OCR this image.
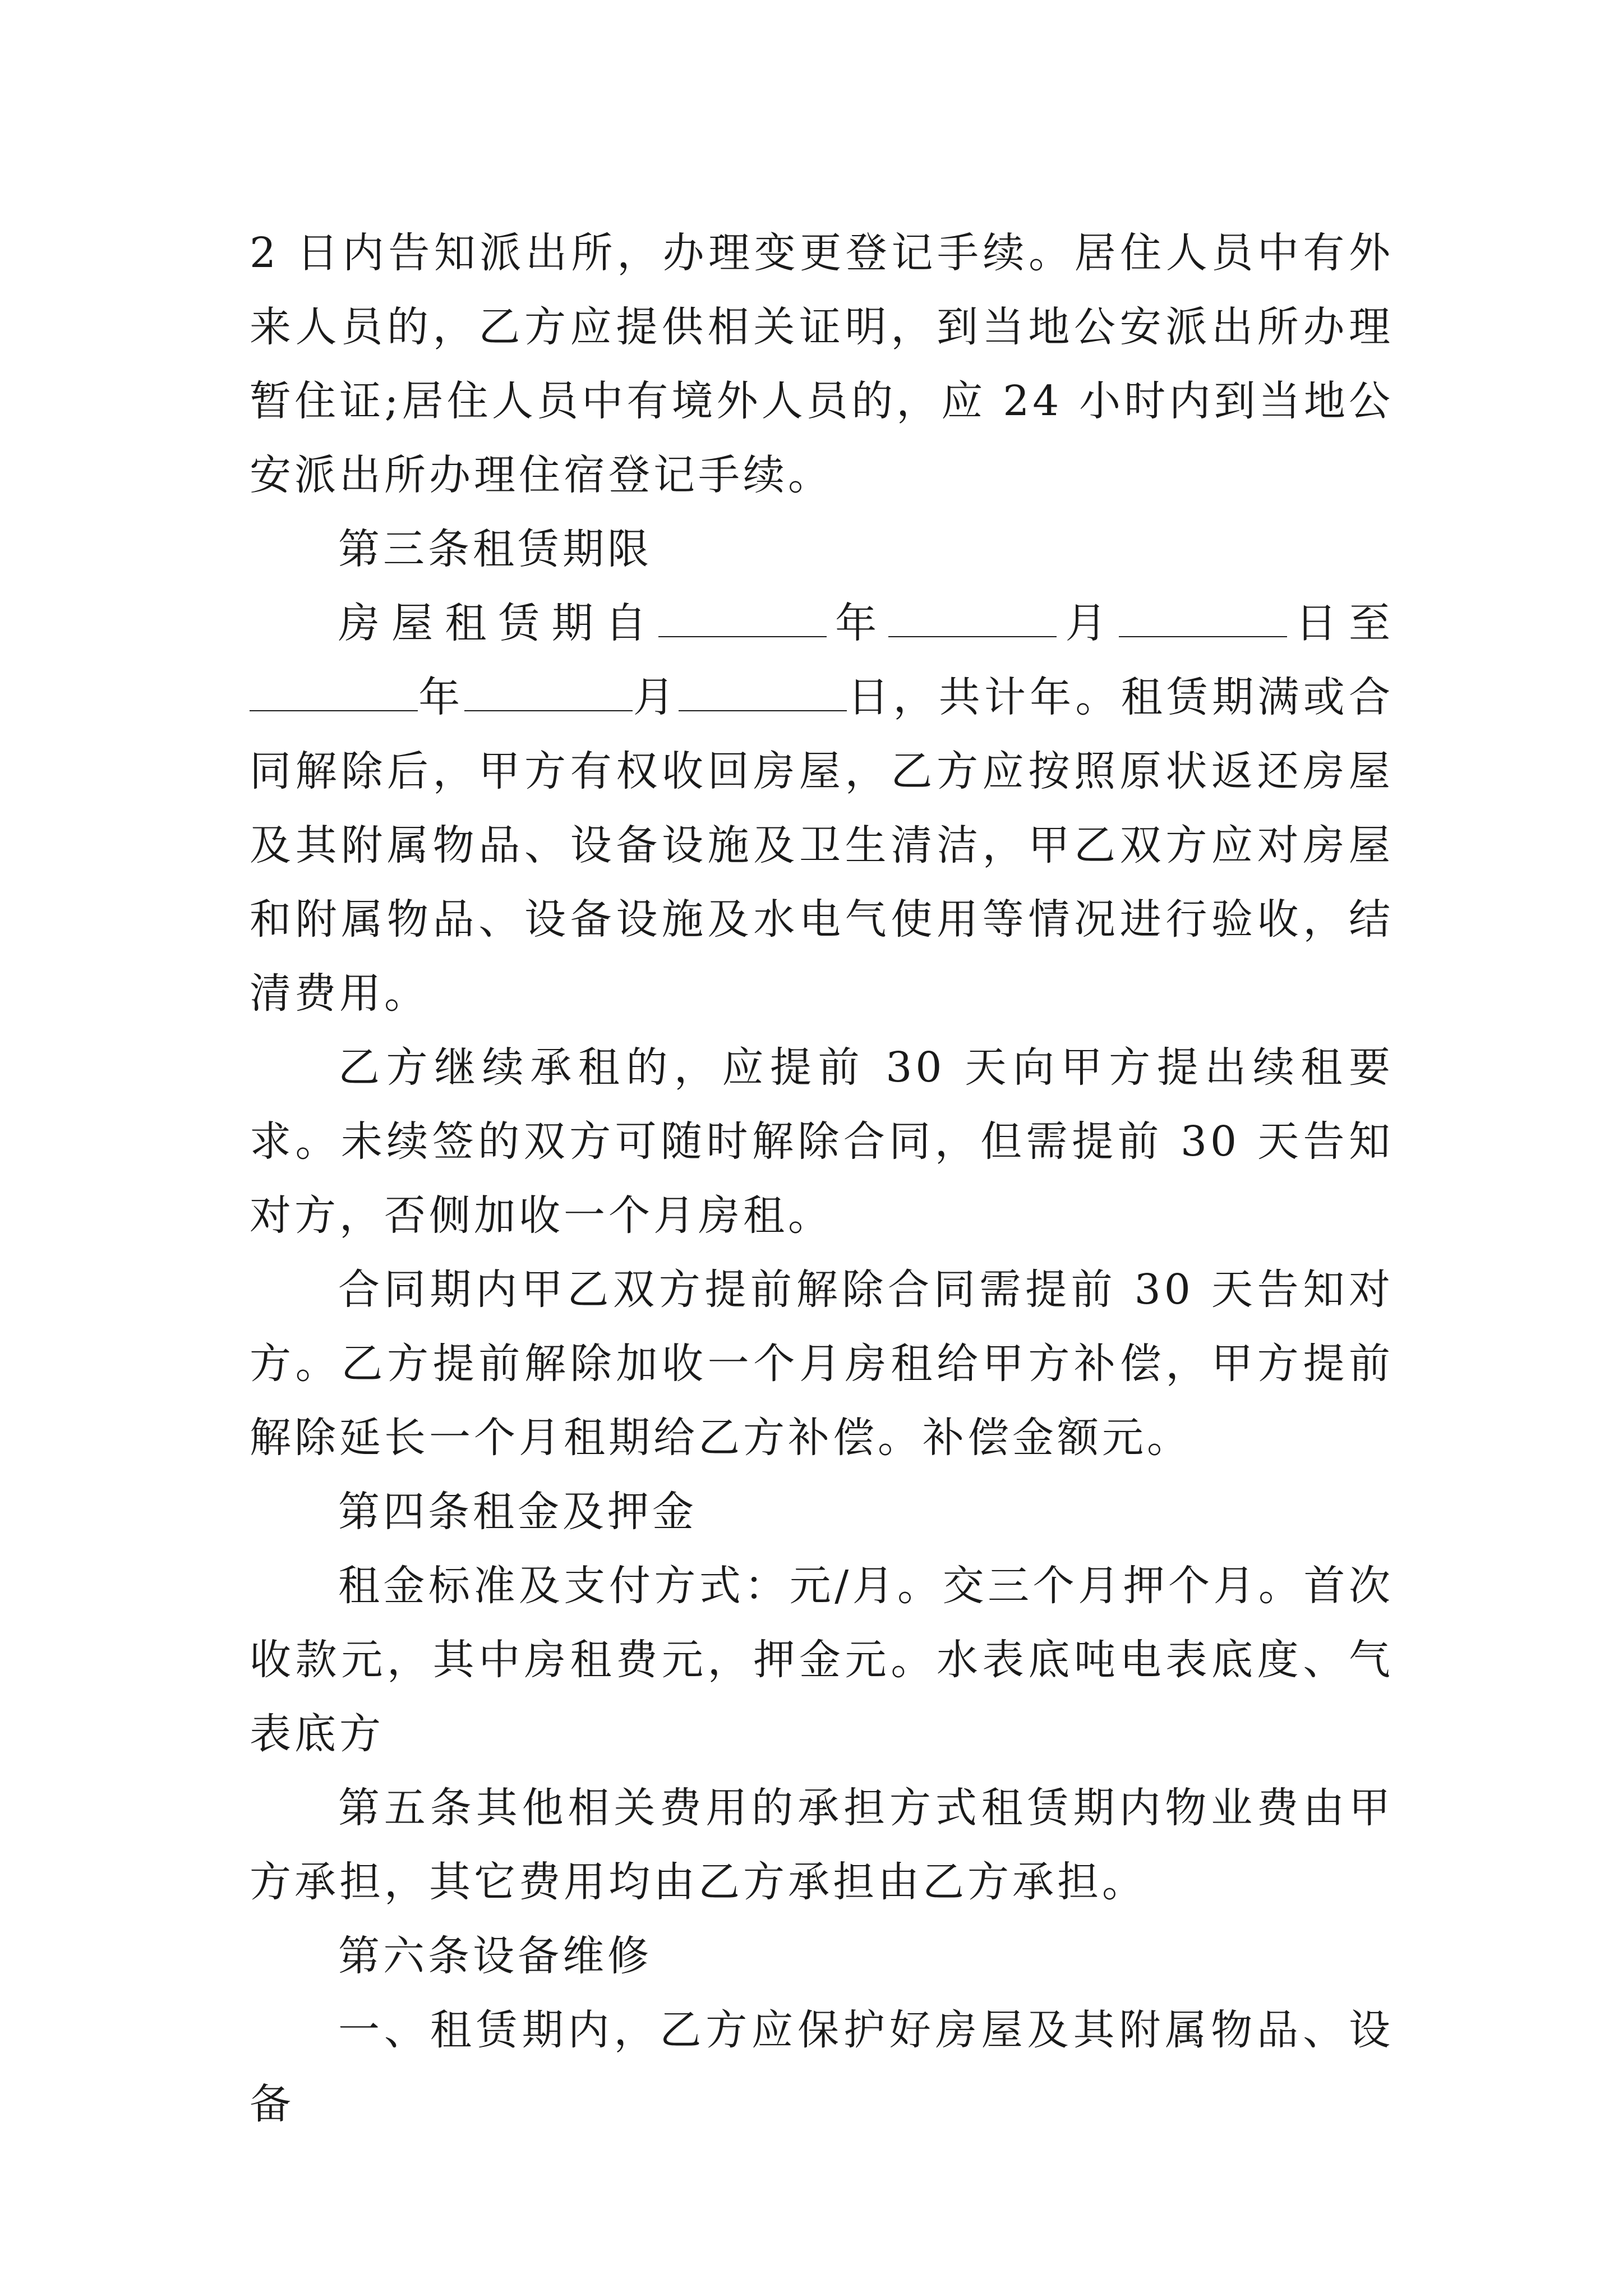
2 日内告知派出所，办理变更登记手续。居住人员中有外来人员的，乙方应提供相关证明，到当地公安派出所办理暂住证;居住人员中有境外人员的，应 24 小时内到当地公安派出所办理住宿登记手续。

第三条租赁期限

房屋租赁期自	年	月	日至年	月	日，共计年。租赁期满或合同解除后，甲方有权收回房屋，乙方应按照原状返还房屋及其附属物品、设备设施及卫生清洁，甲乙双方应对房屋和附属物品、设备设施及水电气使用等情况进行验收，结清费用。

乙方继续承租的，应提前 30 天向甲方提出续租要求。未续签的双方可随时解除合同，但需提前 30 天告知对方，否侧加收一个月房租。

合同期内甲乙双方提前解除合同需提前 30 天告知对方。乙方提前解除加收一个月房租给甲方补偿，甲方提前解除延长一个月租期给乙方补偿。补偿金额元。

第四条租金及押金

租金标准及支付方式：元/月。交三个月押个月。首次收款元，其中房租费元，押金元。水表底吨电表底度、气表底方

第五条其他相关费用的承担方式租赁期内物业费由甲方承担，其它费用均由乙方承担由乙方承担。

第六条设备维修

一、租赁期内，乙方应保护好房屋及其附属物品、设备
